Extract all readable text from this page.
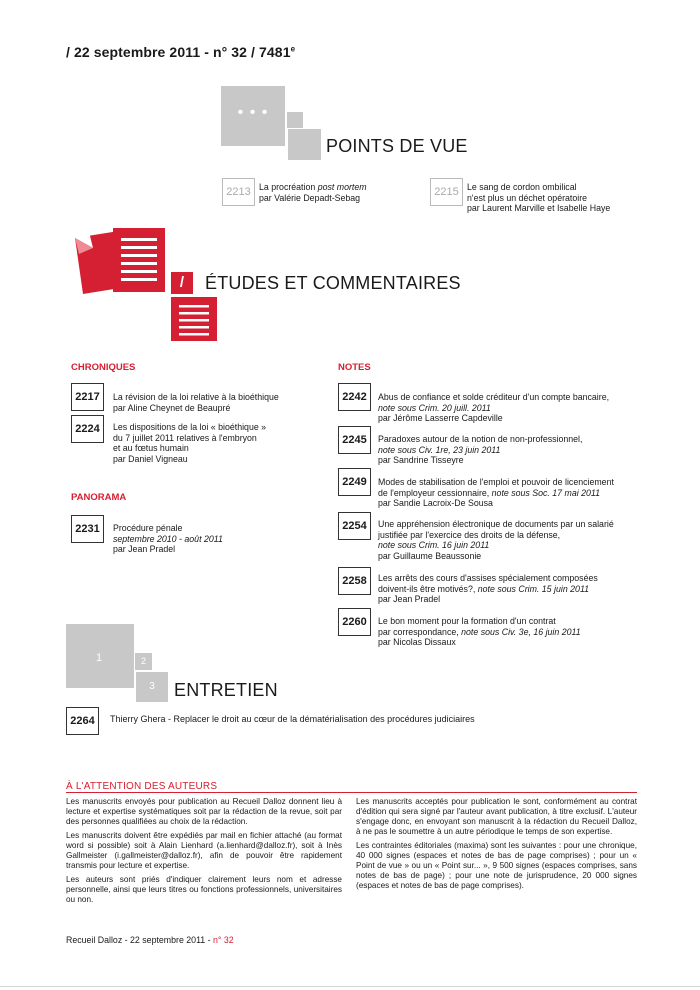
/ 22 septembre 2011 - n° 32 / 7481e
• • •
POINTS DE VUE
2213 La procréation post mortem
par Valérie Depadt-Sebag	2215 Le sang de cordon ombilical
n'est plus un déchet opératoire
par Laurent Marville et Isabelle Haye
/	ÉTUDES ET COMMENTAIRES
CHRONIQUES
2217	La révision de la loi relative à la bioéthique
par Aline Cheynet de Beaupré
2224	Les dispositions de la loi « bioéthique »
du 7 juillet 2011 relatives à l'embryon
et au fœtus humain
par Daniel Vigneau
PANORAMA
2231	Procédure pénale
septembre 2010 - août 2011
par Jean Pradel
NOTES
2242	Abus de confiance et solde créditeur d'un compte bancaire,
note sous Crim. 20 juill. 2011
par Jérôme Lasserre Capdeville
2245	Paradoxes autour de la notion de non-professionnel,
note sous Civ. 1re, 23 juin 2011
par Sandrine Tisseyre
2249	Modes de stabilisation de l'emploi et pouvoir de licenciement
de l'employeur cessionnaire, note sous Soc. 17 mai 2011
par Sandie Lacroix-De Sousa
2254	Une appréhension électronique de documents par un salarié
justifiée par l'exercice des droits de la défense,
note sous Crim. 16 juin 2011
par Guillaume Beaussonie
2258	Les arrêts des cours d'assises spécialement composées
doivent-ils être motivés?, note sous Crim. 15 juin 2011
par Jean Pradel
2260	Le bon moment pour la formation d'un contrat
par correspondance, note sous Civ. 3e, 16 juin 2011
par Nicolas Dissaux
1	2
3	ENTRETIEN
2264	Thierry Ghera - Replacer le droit au cœur de la dématérialisation des procédures judiciaires
À L'ATTENTION DES AUTEURS

Les manuscrits envoyés pour publication au Recueil Dalloz donnent lieu à lecture et expertise systématiques soit par la rédaction de la revue, soit par des personnes qualifiées au choix de la rédaction.

Les manuscrits doivent être expédiés par mail en fichier attaché (au format word si possible) soit à Alain Lienhard (a.lienhard@dalloz.fr), soit à Inès Gallmeister (i.gallmeister@dalloz.fr), afin de pouvoir être rapidement transmis pour lecture et expertise.

Les auteurs sont priés d'indiquer clairement leurs nom et adresse personnelle, ainsi que leurs titres ou fonctions professionnels, universitaires ou non.

Les manuscrits acceptés pour publication le sont, conformément au contrat d'édition qui sera signé par l'auteur avant publication, à titre exclusif. L'auteur s'engage donc, en envoyant son manuscrit à la rédaction du Recueil Dalloz, à ne pas le soumettre à un autre périodique le temps de son expertise.

Les contraintes éditoriales (maxima) sont les suivantes : pour une chronique, 40 000 signes (espaces et notes de bas de page comprises) ; pour un « Point de vue » ou un « Point sur... », 9 500 signes (espaces comprises, sans notes de bas de page) ; pour une note de jurisprudence, 20 000 signes (espaces et notes de bas de page comprises).

Recueil Dalloz - 22 septembre 2011 - n° 32
